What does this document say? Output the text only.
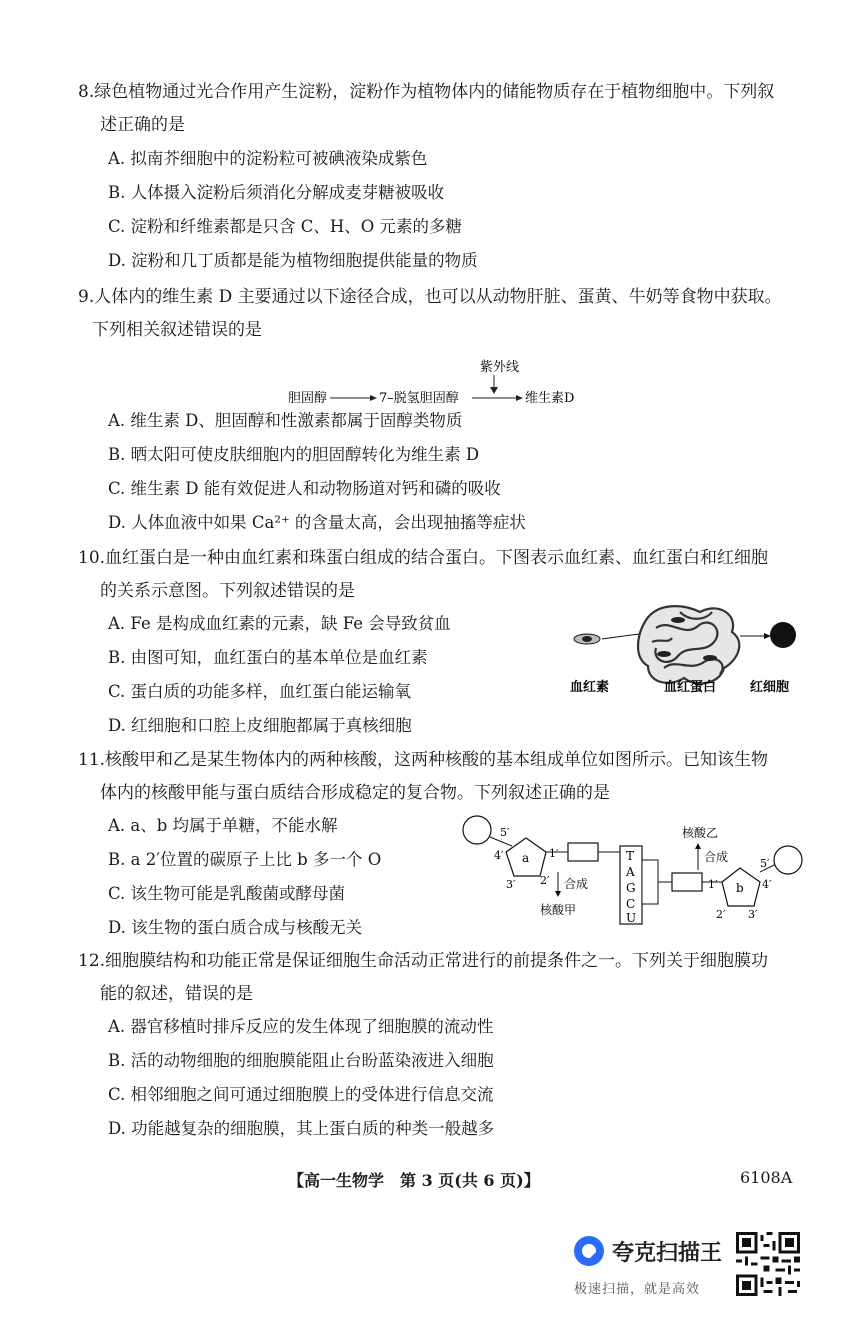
8.绿色植物通过光合作用产生淀粉，淀粉作为植物体内的储能物质存在于植物细胞中。下列叙

述正确的是

A. 拟南芥细胞中的淀粉粒可被碘液染成紫色
B. 人体摄入淀粉后须消化分解成麦芽糖被吸收
C. 淀粉和纤维素都是只含 C、H、O 元素的多糖
D. 淀粉和几丁质都是能为植物细胞提供能量的物质

9.人体内的维生素 D 主要通过以下途径合成，也可以从动物肝脏、蛋黄、牛奶等食物中获取。

下列相关叙述错误的是

紫外线
胆固醇	7–脱氢胆固醇	维生素D
A. 维生素 D、胆固醇和性激素都属于固醇类物质
B. 晒太阳可使皮肤细胞内的胆固醇转化为维生素 D
C. 维生素 D 能有效促进人和动物肠道对钙和磷的吸收
D. 人体血液中如果 Ca²⁺ 的含量太高，会出现抽搐等症状

10.血红蛋白是一种由血红素和珠蛋白组成的结合蛋白。下图表示血红素、血红蛋白和红细胞

的关系示意图。下列叙述错误的是

A. Fe 是构成血红素的元素，缺 Fe 会导致贫血
B. 由图可知，血红蛋白的基本单位是血红素
C. 蛋白质的功能多样，血红蛋白能运输氧
D. 红细胞和口腔上皮细胞都属于真核细胞
血红素	血红蛋白	红细胞

11.核酸甲和乙是某生物体内的两种核酸，这两种核酸的基本组成单位如图所示。已知该生物

体内的核酸甲能与蛋白质结合形成稳定的复合物。下列叙述正确的是

A. a、b 均属于单糖，不能水解
B. a 2′位置的碳原子上比 b 多一个 O
C. 该生物可能是乳酸菌或酵母菌
D. 该生物的蛋白质合成与核酸无关
5′
a
4′	1′
3′ 2′ 合成
核酸甲
T
A
G
C
U
1′ b 4′
2′ 3′
5′
合成
核酸乙

12.细胞膜结构和功能正常是保证细胞生命活动正常进行的前提条件之一。下列关于细胞膜功

能的叙述，错误的是

A. 器官移植时排斥反应的发生体现了细胞膜的流动性
B. 活的动物细胞的细胞膜能阻止台盼蓝染液进入细胞
C. 相邻细胞之间可通过细胞膜上的受体进行信息交流
D. 功能越复杂的细胞膜，其上蛋白质的种类一般越多
【高一生物学　第 3 页(共 6 页)】	6108A
夸克扫描王
极速扫描，就是高效
